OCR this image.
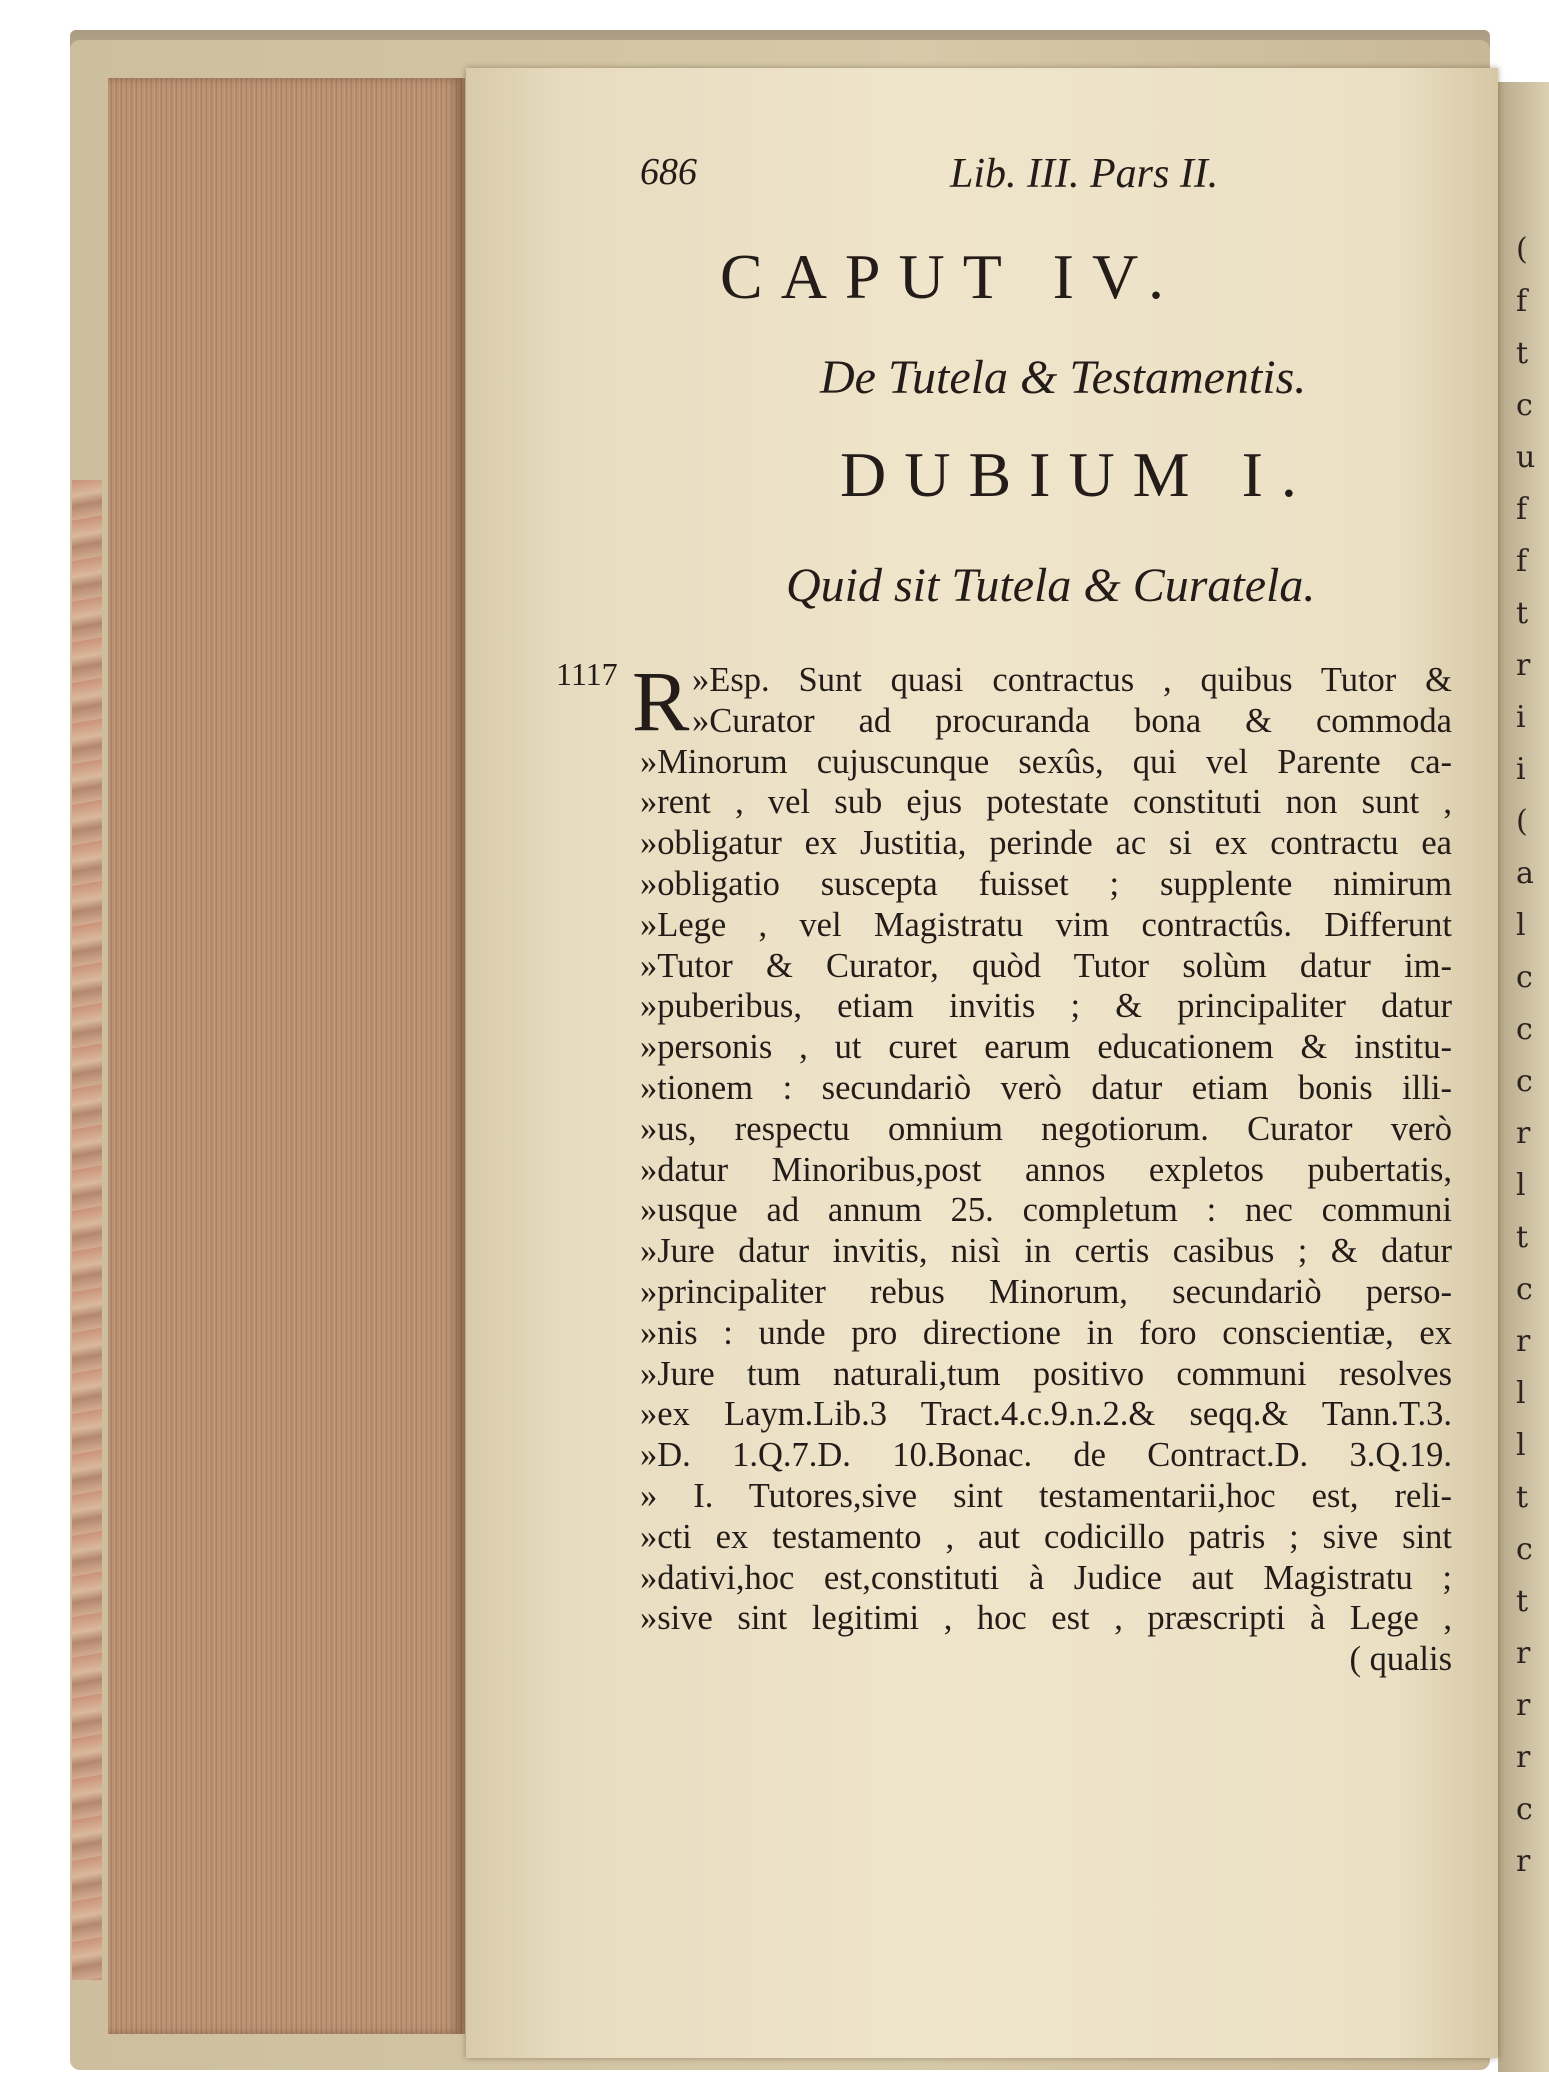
(
f
t
c
u
f
f
t
r
i
i
(
a
l
c
c
c
r
l
t
c
r
l
l
t
c
t
r
r
r
c
r
686	Lib. III. Pars II.
CAPUT IV.
De Tutela & Testamentis.
DUBIUM I.
Quid sit Tutela & Curatela.
1117 R »Esp. Sunt quasi contractus , quibus Tutor &
»Curator ad procuranda bona & commoda
»Minorum cujuscunque sexûs, qui vel Parente ca-
»rent , vel sub ejus potestate constituti non sunt ,
»obligatur ex Justitia, perinde ac si ex contractu ea
»obligatio suscepta fuisset ; supplente nimirum
»Lege , vel Magistratu vim contractûs. Differunt
»Tutor & Curator, quòd Tutor solùm datur im-
»puberibus, etiam invitis ; & principaliter datur
»personis , ut curet earum educationem & institu-
»tionem : secundariò verò datur etiam bonis illi-
»us, respectu omnium negotiorum. Curator verò
»datur Minoribus,post annos expletos pubertatis,
»usque ad annum 25. completum : nec communi
»Jure datur invitis, nisì in certis casibus ; & datur
»principaliter rebus Minorum, secundariò perso-
»nis : unde pro directione in foro conscientiæ, ex
»Jure tum naturali,tum positivo communi resolves
»ex Laym.Lib.3 Tract.4.c.9.n.2.& seqq.& Tann.T.3.
»D. 1.Q.7.D. 10.Bonac. de Contract.D. 3.Q.19.
» I. Tutores,sive sint testamentarii,hoc est, reli-
»cti ex testamento , aut codicillo patris ; sive sint
»dativi,hoc est,constituti à Judice aut Magistratu ;
»sive sint legitimi , hoc est , præscripti à Lege ,
( qualis
